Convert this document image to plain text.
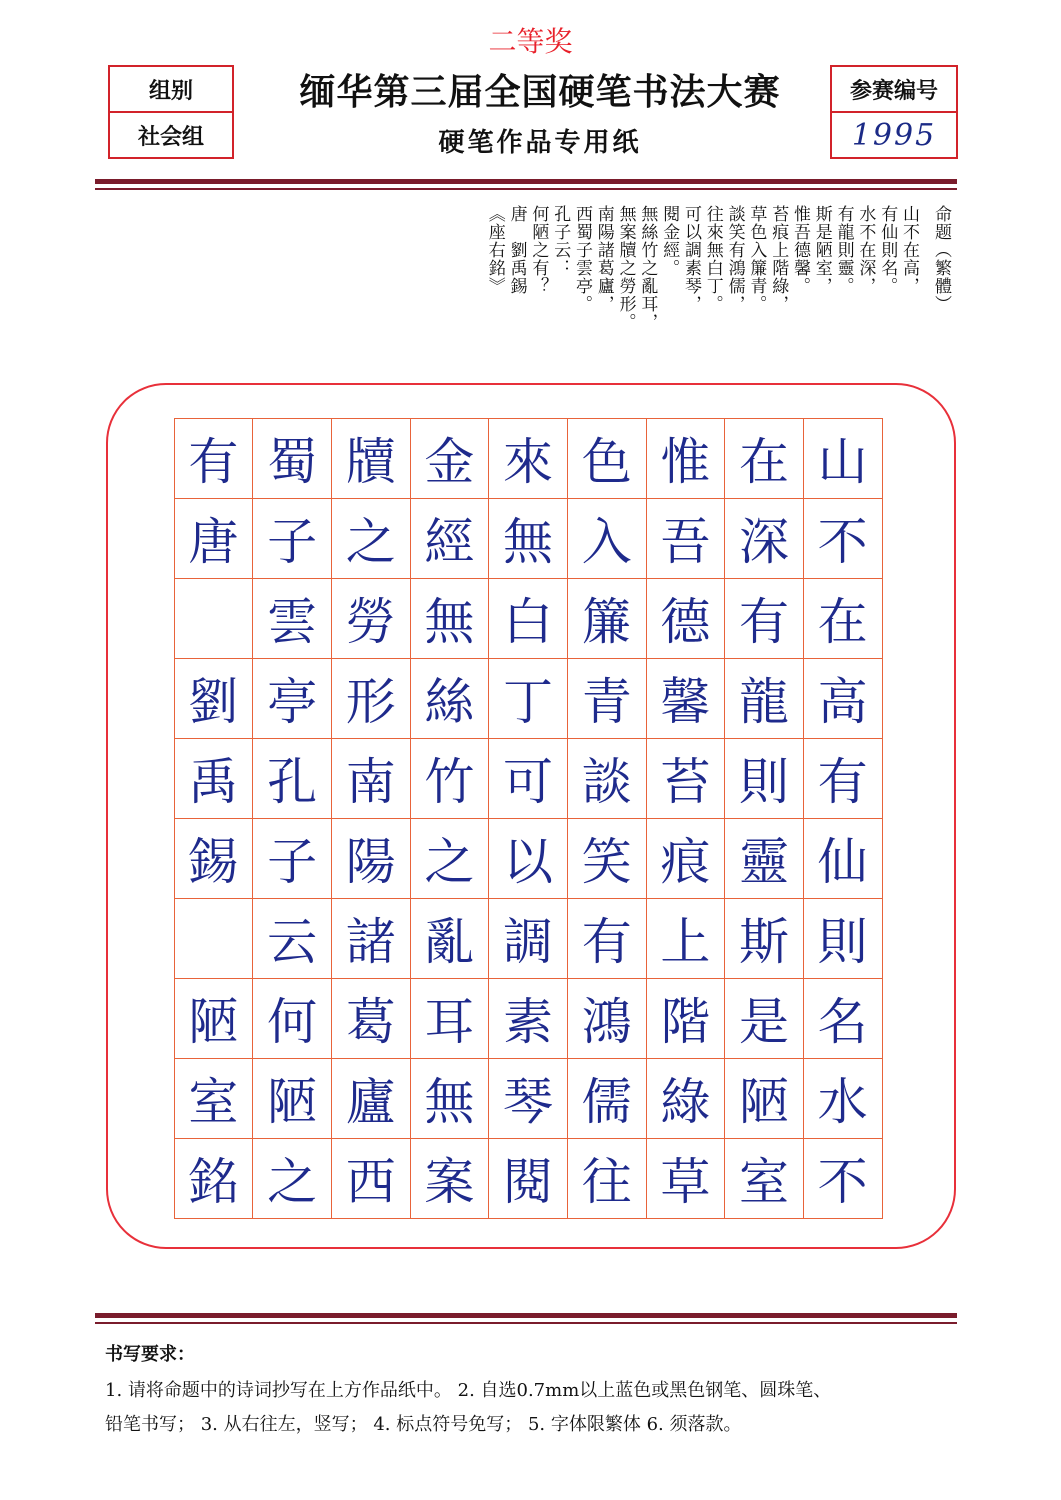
二等奖
缅华第三届全国硬笔书法大赛
硬笔作品专用纸
组别
社会组
参赛编号
1995
命题（繁體）
山不在高，
有仙則名。
水不在深，
有龍則靈。
斯是陋室，
惟吾德馨。
苔痕上階綠，
草色入簾青。
談笑有鴻儒，
往來無白丁。
可以調素琴，
閱金經。
無絲竹之亂耳，
無案牘之勞形。
南陽諸葛廬，
西蜀子雲亭。
孔子云：
何陋之有？
唐　劉禹錫
《座右銘》
山
不
在
高
有
仙
則
名
水
不
在
深
有
龍
則
靈
斯
是
陋
室
惟
吾
德
馨
苔
痕
上
階
綠
草
色
入
簾
青
談
笑
有
鴻
儒
往
來
無
白
丁
可
以
調
素
琴
閱
金
經
無
絲
竹
之
亂
耳
無
案
牘
之
勞
形
南
陽
諸
葛
廬
西
蜀
子
雲
亭
孔
子
云
何
陋
之
有
唐
劉
禹
錫
陋
室
銘
书写要求：
1. 请将命题中的诗词抄写在上方作品纸中。 2. 自选0.7mm以上蓝色或黑色钢笔、圆珠笔、
铅笔书写； 3. 从右往左，竖写； 4. 标点符号免写； 5. 字体限繁体 6. 须落款。
